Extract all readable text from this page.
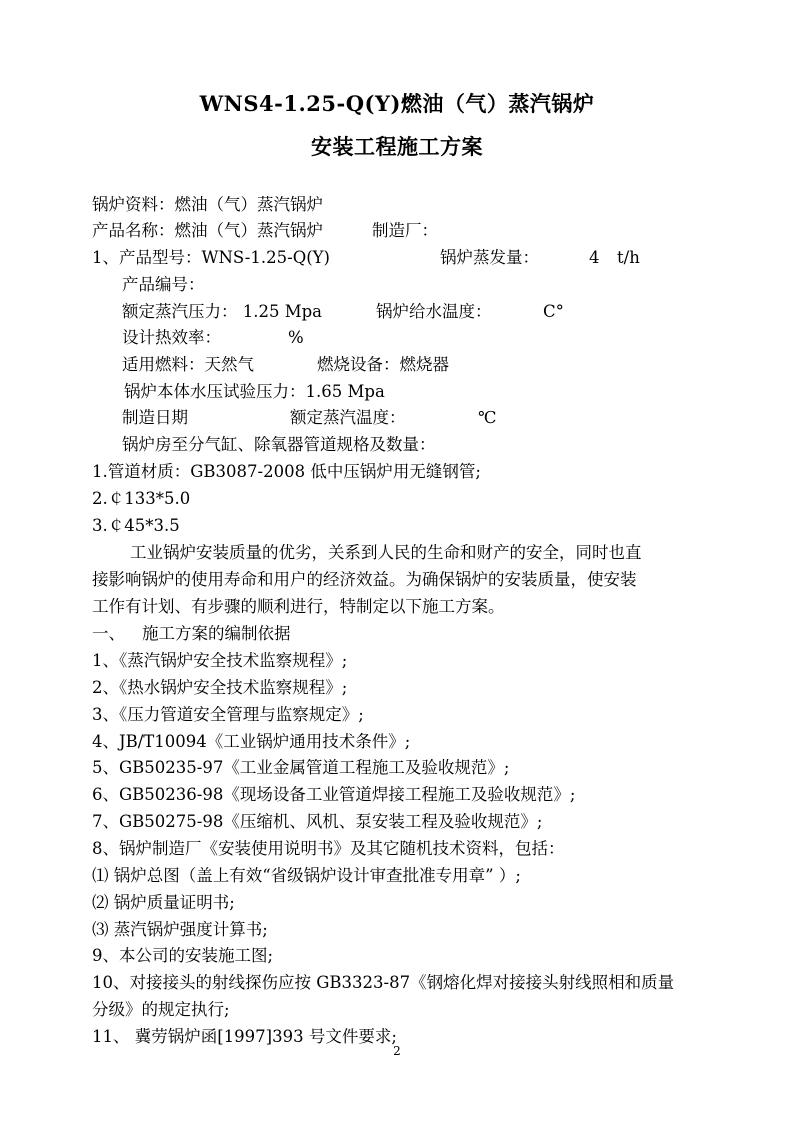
WNS4-1.25-Q(Y)燃油（气）蒸汽锅炉
安装工程施工方案
锅炉资料：燃油（气）蒸汽锅炉
产品名称：燃油（气）蒸汽锅炉	制造厂：
1、产品型号：WNS-1.25-Q(Y)	锅炉蒸发量：	4 t/h
产品编号：
额定蒸汽压力： 1.25 Mpa	锅炉给水温度：	C°
设计热效率：	%
适用燃料：天然气	燃烧设备：燃烧器
锅炉本体水压试验压力：1.65 Mpa
制造日期	额定蒸汽温度：	℃
锅炉房至分气缸、除氧器管道规格及数量：
1.管道材质：GB3087-2008 低中压锅炉用无缝钢管;
2.￠133*5.0
3.￠45*3.5
工业锅炉安装质量的优劣，关系到人民的生命和财产的安全，同时也直
接影响锅炉的使用寿命和用户的经济效益。为确保锅炉的安装质量，使安装
工作有计划、有步骤的顺利进行，特制定以下施工方案。
一、 施工方案的编制依据
1、《蒸汽锅炉安全技术监察规程》;
2、《热水锅炉安全技术监察规程》;
3、《压力管道安全管理与监察规定》;
4、JB/T10094《工业锅炉通用技术条件》;
5、GB50235-97《工业金属管道工程施工及验收规范》;
6、GB50236-98《现场设备工业管道焊接工程施工及验收规范》;
7、GB50275-98《压缩机、风机、泵安装工程及验收规范》;
8、锅炉制造厂《安装使用说明书》及其它随机技术资料，包括：
⑴ 锅炉总图（盖上有效“省级锅炉设计审查批准专用章” ）;
⑵ 锅炉质量证明书;
⑶ 蒸汽锅炉强度计算书;
9、本公司的安装施工图;
10、对接接头的射线探伤应按 GB3323-87《钢熔化焊对接接头射线照相和质量
分级》的规定执行;
11、 冀劳锅炉函[1997]393 号文件要求;
2
